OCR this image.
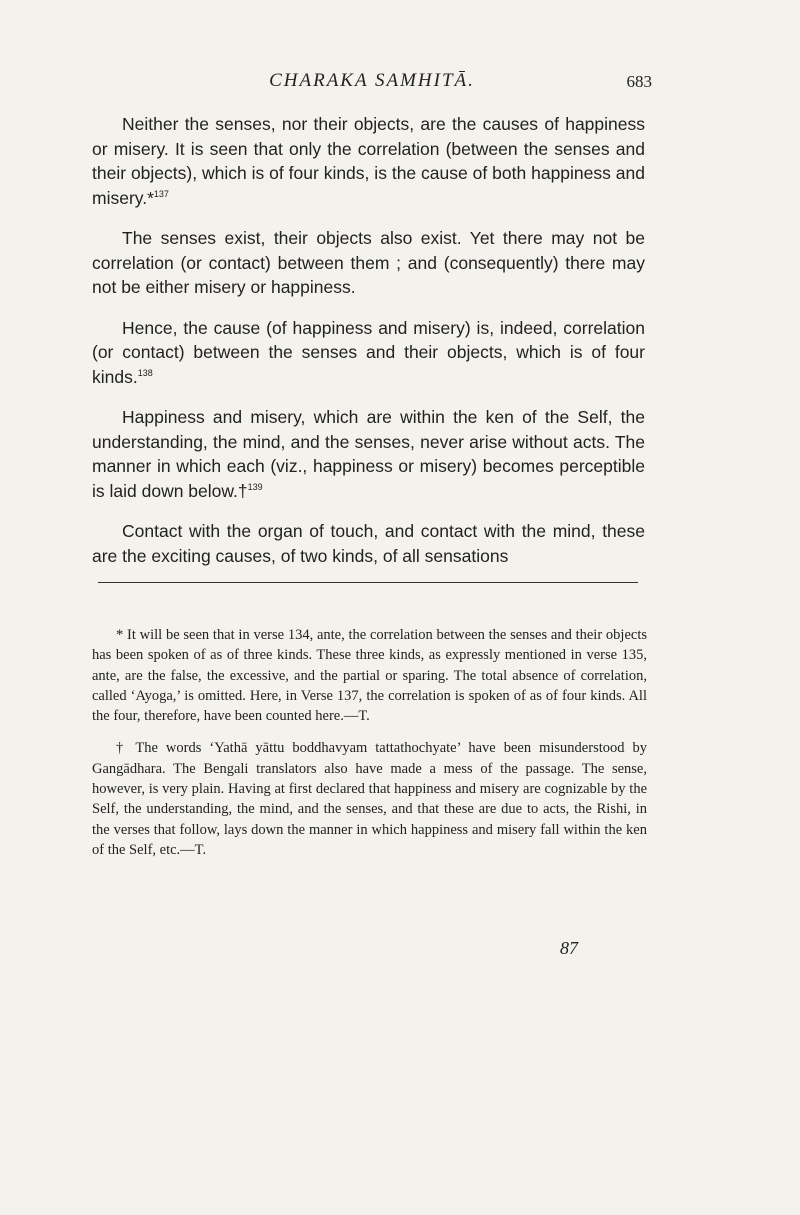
CHARAKA SAMHITĀ.	683

Neither the senses, nor their objects, are the causes of happiness or misery. It is seen that only the correlation (between the senses and their objects), which is of four kinds, is the cause of both happiness and misery.*$^{137}$

The senses exist, their objects also exist. Yet there may not be correlation (or contact) between them ; and (consequently) there may not be either misery or happiness.

Hence, the cause (of happiness and misery) is, indeed, correlation (or contact) between the senses and their objects, which is of four kinds.$^{138}$

Happiness and misery, which are within the ken of the Self, the understanding, the mind, and the senses, never arise without acts. The manner in which each (viz., happiness or misery) becomes perceptible is laid down below.†$^{139}$

Contact with the organ of touch, and contact with the mind, these are the exciting causes, of two kinds, of all sensations

* It will be seen that in verse 134, ante, the correlation between the senses and their objects has been spoken of as of three kinds. These three kinds, as expressly mentioned in verse 135, ante, are the false, the excessive, and the partial or sparing. The total absence of correlation, called ‘Ayoga,’ is omitted. Here, in Verse 137, the correlation is spoken of as of four kinds. All the four, therefore, have been counted here.—T.

† The words ‘Yathā yāttu boddhavyam tattathochyate’ have been misunderstood by Gangādhara. The Bengali translators also have made a mess of the passage. The sense, however, is very plain. Having at first declared that happiness and misery are cognizable by the Self, the understanding, the mind, and the senses, and that these are due to acts, the Rishi, in the verses that follow, lays down the manner in which happiness and misery fall within the ken of the Self, etc.—T.

87
